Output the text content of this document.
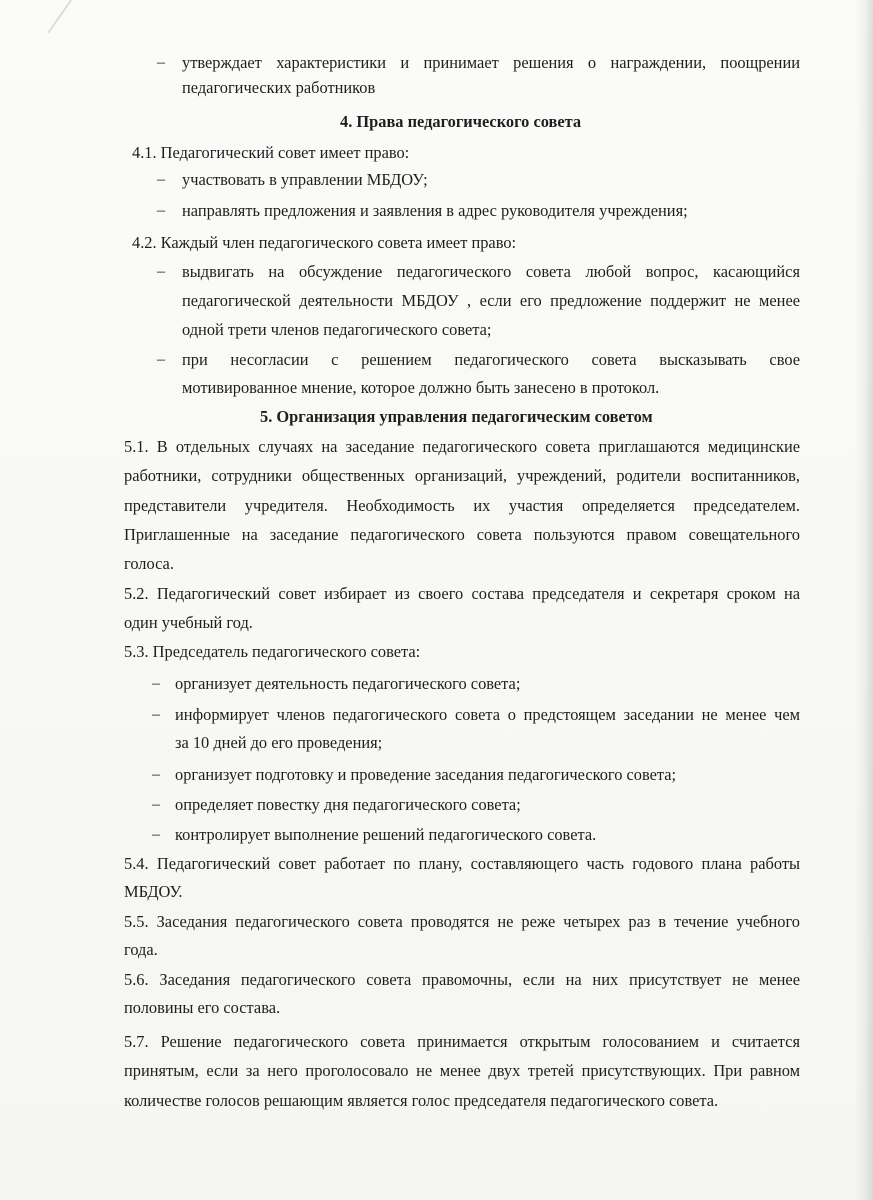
– утверждает характеристики и принимает решения о награждении, поощрении
педагогических работников
4. Права педагогического совета
4.1. Педагогический совет имеет право:
– участвовать в управлении МБДОУ;
– направлять предложения и заявления в адрес руководителя учреждения;
4.2. Каждый член педагогического совета имеет право:
– выдвигать на обсуждение педагогического совета любой вопрос, касающийся
педагогической деятельности МБДОУ , если его предложение поддержит не менее
одной трети членов педагогического совета;
– при несогласии с решением педагогического совета высказывать свое
мотивированное мнение, которое должно быть занесено в протокол.
5. Организация управления педагогическим советом
5.1. В отдельных случаях на заседание педагогического совета приглашаются медицинские
работники, сотрудники общественных организаций, учреждений, родители воспитанников,
представители учредителя. Необходимость их участия определяется председателем.
Приглашенные на заседание педагогического совета пользуются правом совещательного
голоса.
5.2. Педагогический совет избирает из своего состава председателя и секретаря сроком на
один учебный год.
5.3. Председатель педагогического совета:
– организует деятельность педагогического совета;
– информирует членов педагогического совета о предстоящем заседании не менее чем
за 10 дней до его проведения;
– организует подготовку и проведение заседания педагогического совета;
– определяет повестку дня педагогического совета;
– контролирует выполнение решений педагогического совета.
5.4. Педагогический совет работает по плану, составляющего часть годового плана работы
МБДОУ.
5.5. Заседания педагогического совета проводятся не реже четырех раз в течение учебного
года.
5.6. Заседания педагогического совета правомочны, если на них присутствует не менее
половины его состава.
5.7. Решение педагогического совета принимается открытым голосованием и считается
принятым, если за него проголосовало не менее двух третей присутствующих. При равном
количестве голосов решающим является голос председателя педагогического совета.
